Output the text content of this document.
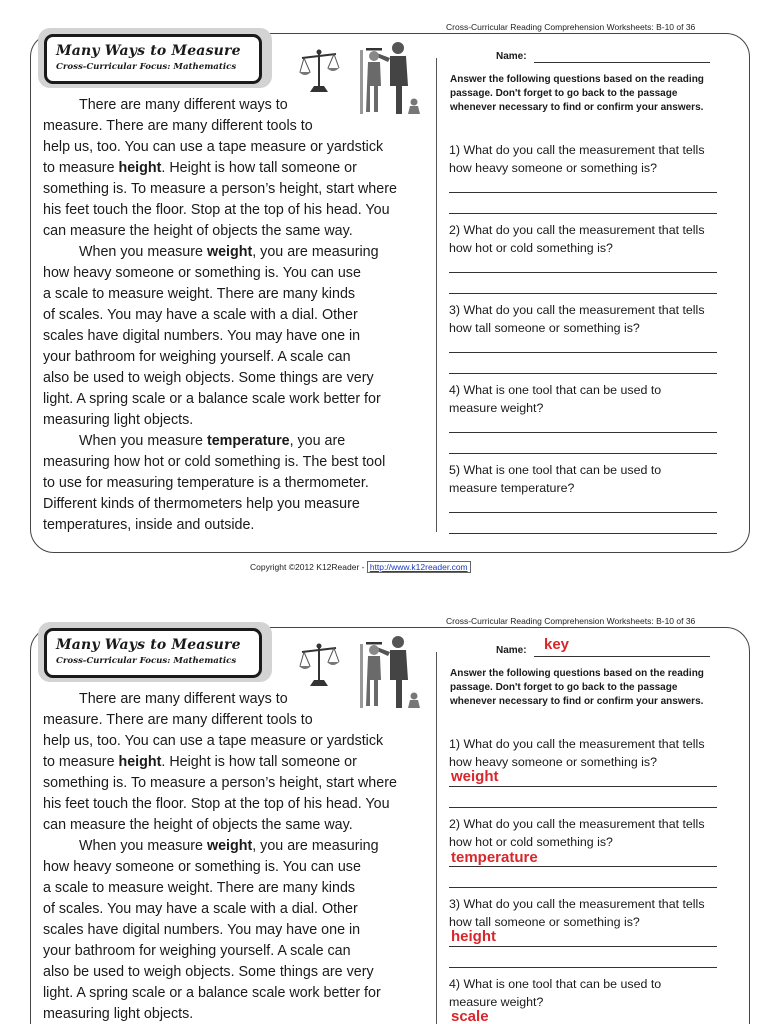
Cross-Curricular Reading Comprehension Worksheets: B-10 of 36
Many Ways to Measure
Cross-Curricular Focus: Mathematics
There are many different ways to
measure. There are many different tools to
help us, too. You can use a tape measure or yardstick
to measure height. Height is how tall someone or
something is. To measure a person’s height, start where
his feet touch the floor. Stop at the top of his head. You
can measure the height of objects the same way.
When you measure weight, you are measuring
how heavy someone or something is. You can use
a scale to measure weight. There are many kinds
of scales. You may have a scale with a dial. Other
scales have digital numbers. You may have one in
your bathroom for weighing yourself. A scale can
also be used to weigh objects. Some things are very
light. A spring scale or a balance scale work better for
measuring light objects.
When you measure temperature, you are
measuring how hot or cold something is. The best tool
to use for measuring temperature is a thermometer.
Different kinds of thermometers help you measure
temperatures, inside and outside.
Name:
Answer the following questions based on the reading
passage. Don't forget to go back to the passage
whenever necessary to find or confirm your answers.
1) What do you call the measurement that tells
how heavy someone or something is?
2) What do you call the measurement that tells
how hot or cold something is?
3) What do you call the measurement that tells
how tall someone or something is?
4) What is one tool that can be used to
measure weight?
5) What is one tool that can be used to
measure temperature?
Copyright ©2012 K12Reader - http://www.k12reader.com
Cross-Curricular Reading Comprehension Worksheets: B-10 of 36
Many Ways to Measure
Cross-Curricular Focus: Mathematics
There are many different ways to
measure. There are many different tools to
help us, too. You can use a tape measure or yardstick
to measure height. Height is how tall someone or
something is. To measure a person’s height, start where
his feet touch the floor. Stop at the top of his head. You
can measure the height of objects the same way.
When you measure weight, you are measuring
how heavy someone or something is. You can use
a scale to measure weight. There are many kinds
of scales. You may have a scale with a dial. Other
scales have digital numbers. You may have one in
your bathroom for weighing yourself. A scale can
also be used to weigh objects. Some things are very
light. A spring scale or a balance scale work better for
measuring light objects.
Name: key
Answer the following questions based on the reading
passage. Don't forget to go back to the passage
whenever necessary to find or confirm your answers.
1) What do you call the measurement that tells
how heavy someone or something is?
weight
2) What do you call the measurement that tells
how hot or cold something is?
temperature
3) What do you call the measurement that tells
how tall someone or something is?
height
4) What is one tool that can be used to
measure weight?
scale
